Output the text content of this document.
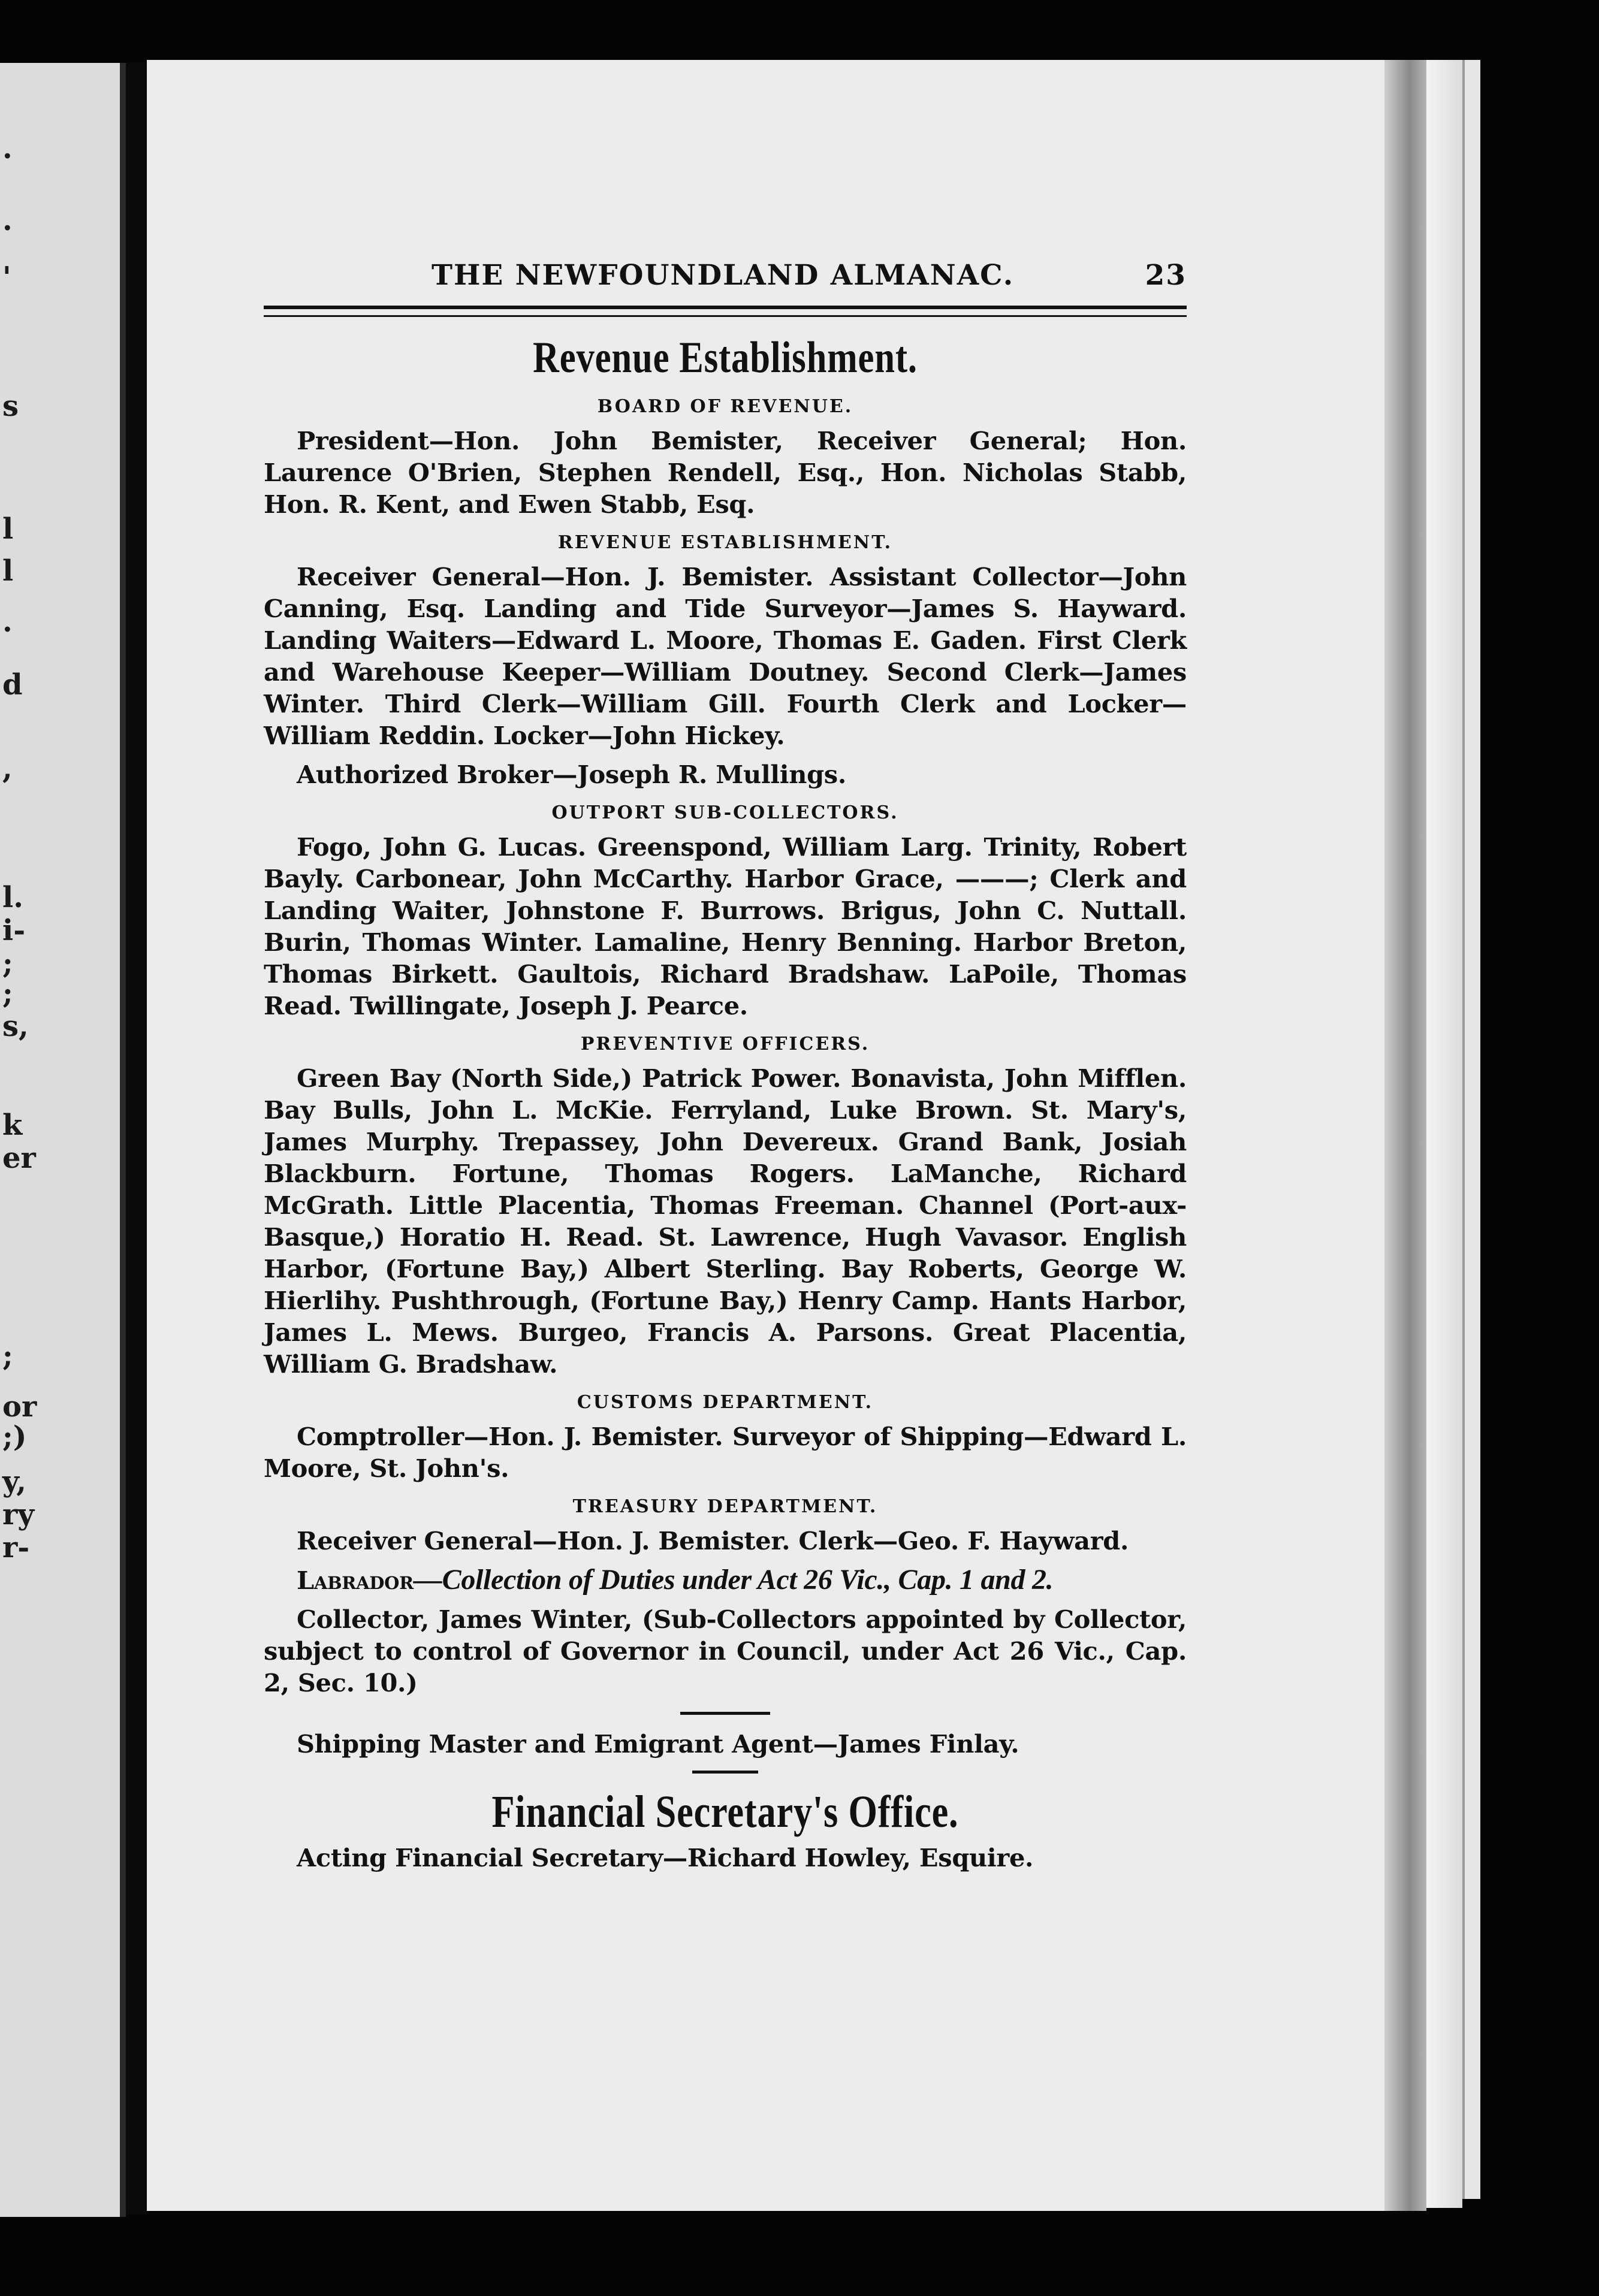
.
.
'
s
l
l
.
d
,
l.
i-
;
;
s,
k
er
;
or
;)
y,
ry
r-
THE NEWFOUNDLAND ALMANAC.	23
Revenue Establishment.
BOARD OF REVENUE.

President—Hon. John Bemister, Receiver General; Hon. Laurence O'Brien, Stephen Rendell, Esq., Hon. Nicholas Stabb, Hon. R. Kent, and Ewen Stabb, Esq.

REVENUE ESTABLISHMENT.

Receiver General—Hon. J. Bemister. Assistant Collector—John Canning, Esq. Landing and Tide Surveyor—James S. Hayward. Landing Waiters—Edward L. Moore, Thomas E. Gaden. First Clerk and Warehouse Keeper—William Doutney. Second Clerk—James Winter. Third Clerk—William Gill. Fourth Clerk and Locker—William Reddin. Locker—John Hickey.

Authorized Broker—Joseph R. Mullings.

OUTPORT SUB-COLLECTORS.

Fogo, John G. Lucas. Greenspond, William Larg. Trinity, Robert Bayly. Carbonear, John McCarthy. Harbor Grace, ———; Clerk and Landing Waiter, Johnstone F. Burrows. Brigus, John C. Nuttall. Burin, Thomas Winter. Lamaline, Henry Benning. Harbor Breton, Thomas Birkett. Gaultois, Richard Bradshaw. LaPoile, Thomas Read. Twillingate, Joseph J. Pearce.

PREVENTIVE OFFICERS.

Green Bay (North Side,) Patrick Power. Bonavista, John Mifflen. Bay Bulls, John L. McKie. Ferryland, Luke Brown. St. Mary's, James Murphy. Trepassey, John Devereux. Grand Bank, Josiah Blackburn. Fortune, Thomas Rogers. LaManche, Richard McGrath. Little Placentia, Thomas Freeman. Channel (Port-aux-Basque,) Horatio H. Read. St. Lawrence, Hugh Vavasor. English Harbor, (Fortune Bay,) Albert Sterling. Bay Roberts, George W. Hierlihy. Pushthrough, (Fortune Bay,) Henry Camp. Hants Harbor, James L. Mews. Burgeo, Francis A. Parsons. Great Placentia, William G. Bradshaw.

CUSTOMS DEPARTMENT.

Comptroller—Hon. J. Bemister. Surveyor of Shipping—Edward L. Moore, St. John's.

TREASURY DEPARTMENT.

Receiver General—Hon. J. Bemister. Clerk—Geo. F. Hayward.

Labrador—Collection of Duties under Act 26 Vic., Cap. 1 and 2.

Collector, James Winter, (Sub-Collectors appointed by Collector, subject to control of Governor in Council, under Act 26 Vic., Cap. 2, Sec. 10.)

Shipping Master and Emigrant Agent—James Finlay.

Financial Secretary's Office.

Acting Financial Secretary—Richard Howley, Esquire.
